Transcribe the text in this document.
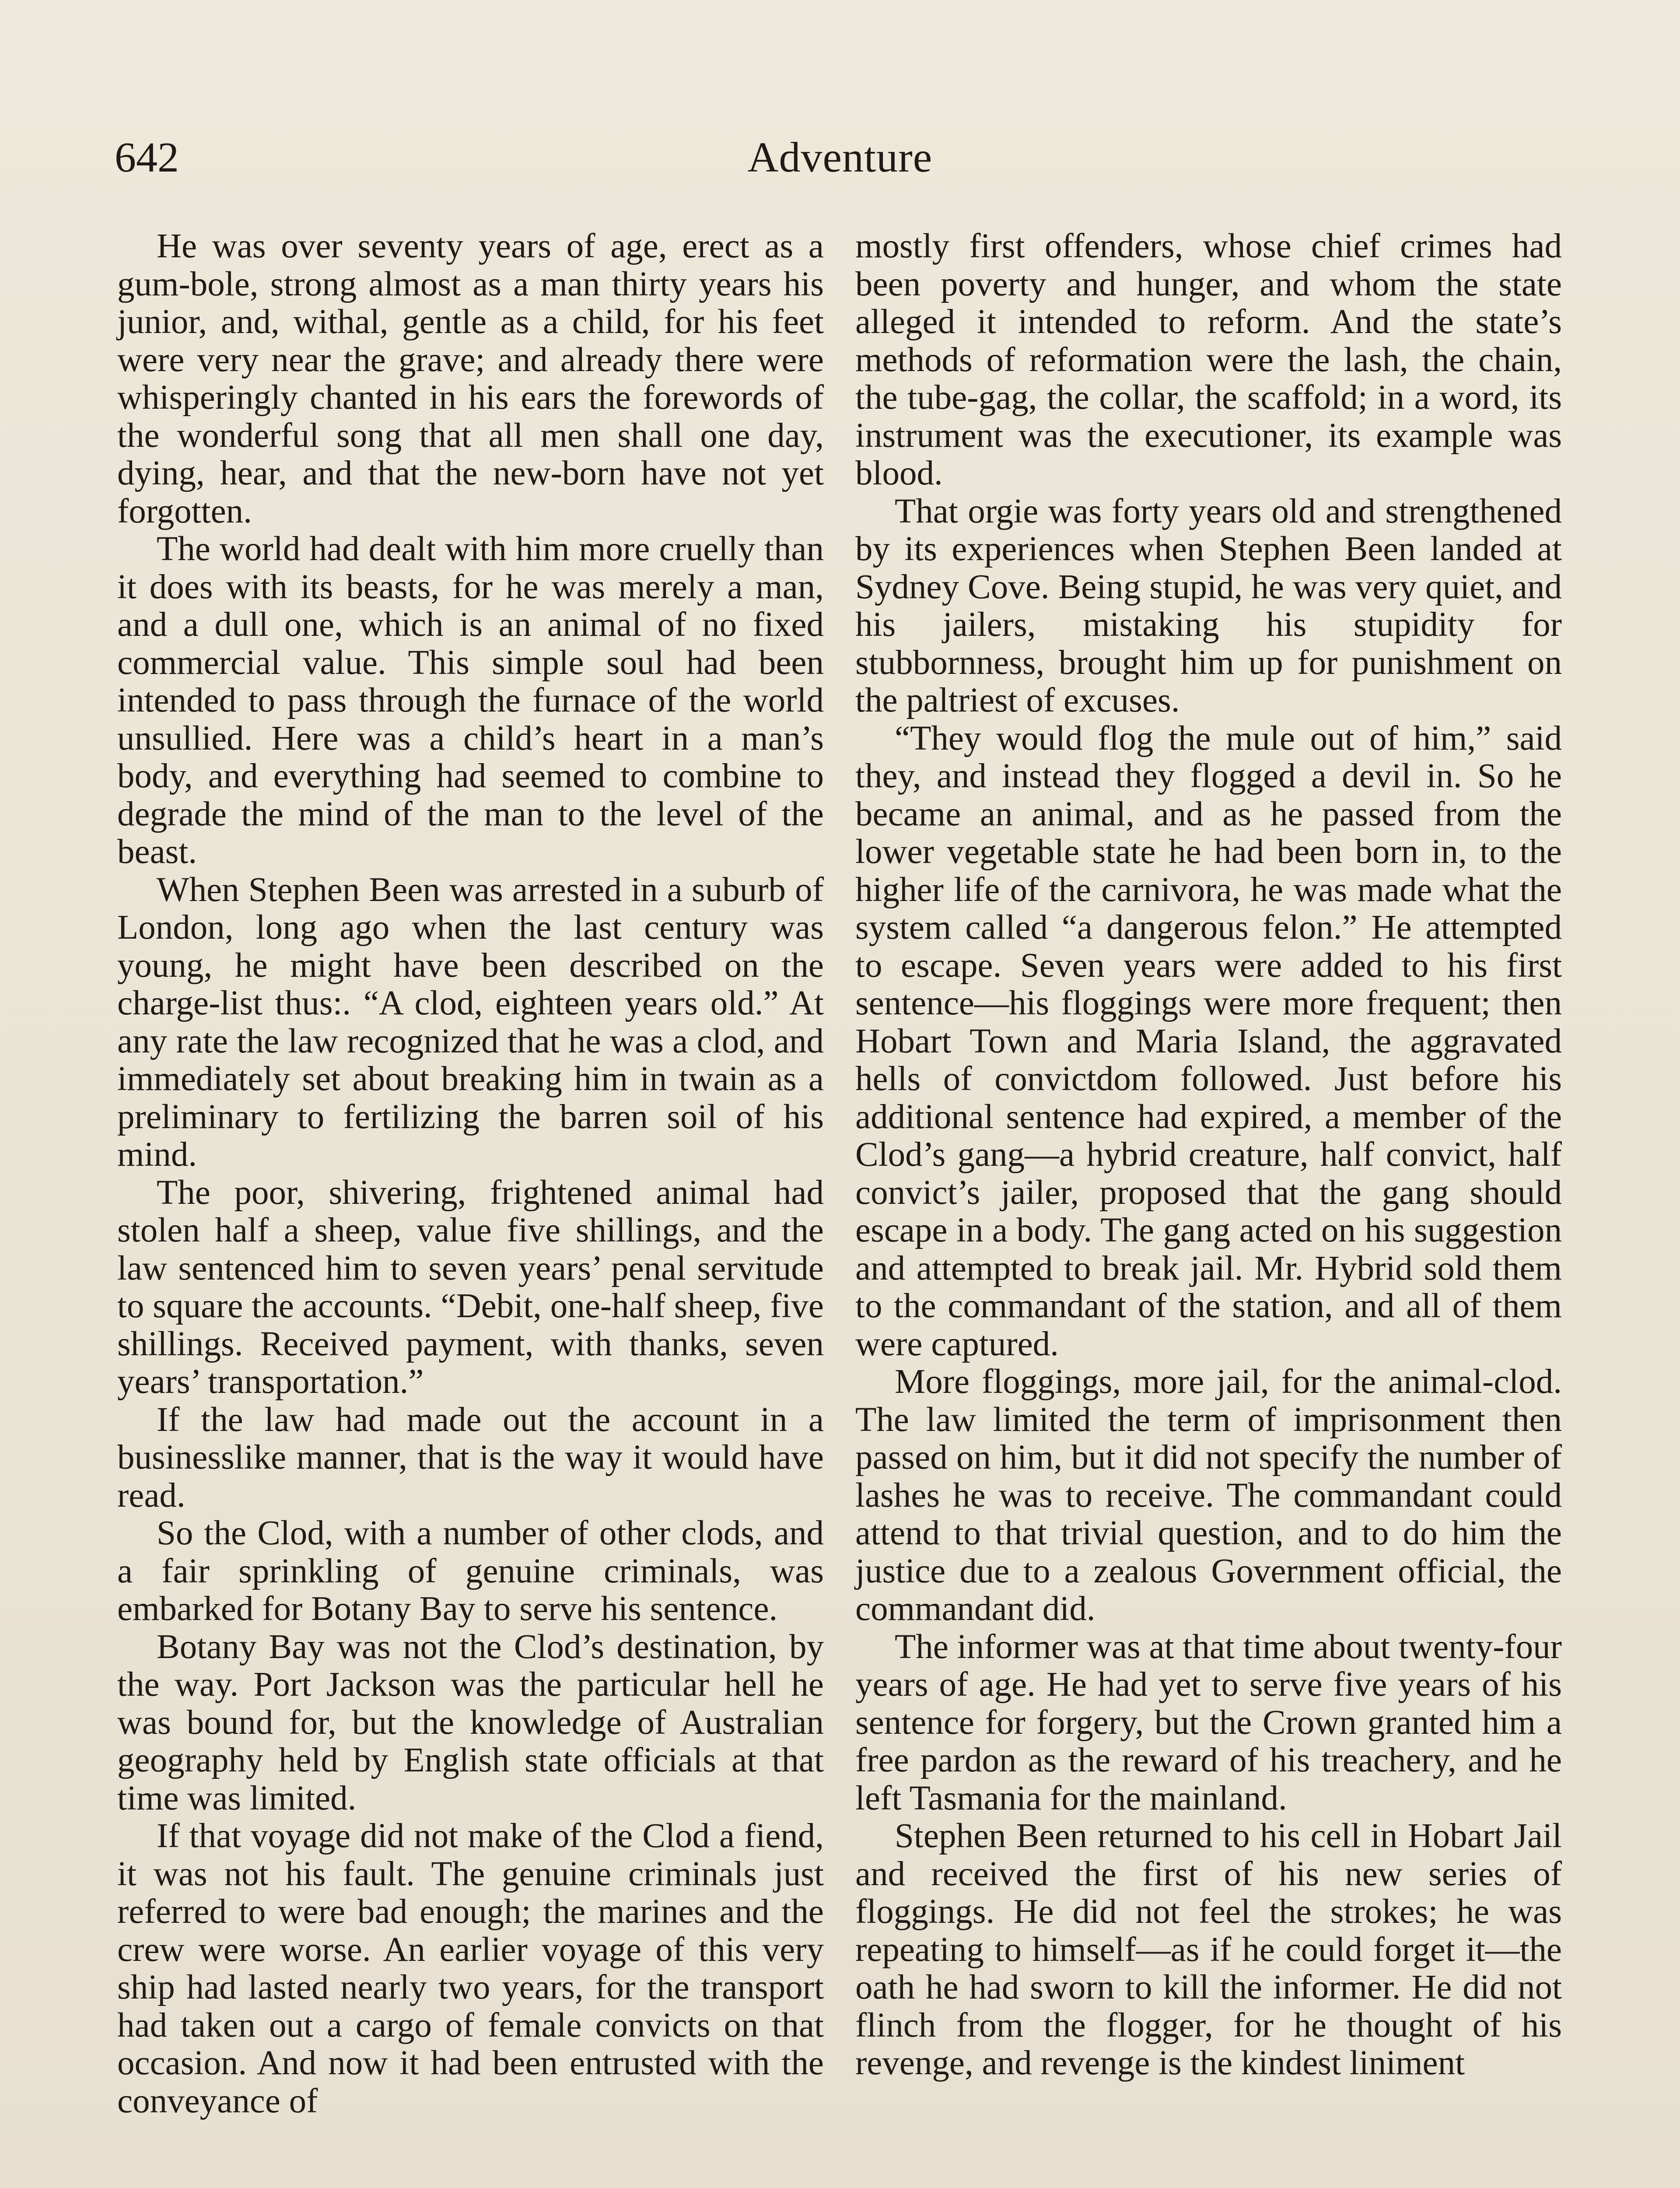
642	Adventure

He was over seventy years of age, erect as a gum-bole, strong almost as a man thirty years his junior, and, withal, gentle as a child, for his feet were very near the grave; and already there were whisperingly chanted in his ears the forewords of the wonderful song that all men shall one day, dying, hear, and that the new-born have not yet forgotten.

The world had dealt with him more cruelly than it does with its beasts, for he was merely a man, and a dull one, which is an animal of no fixed commercial value. This simple soul had been intended to pass through the furnace of the world unsullied. Here was a child’s heart in a man’s body, and everything had seemed to combine to degrade the mind of the man to the level of the beast.

When Stephen Been was arrested in a suburb of London, long ago when the last century was young, he might have been described on the charge-list thus:. “A clod, eighteen years old.” At any rate the law recognized that he was a clod, and immediately set about breaking him in twain as a preliminary to fertilizing the barren soil of his mind.

The poor, shivering, frightened animal had stolen half a sheep, value five shillings, and the law sentenced him to seven years’ penal servitude to square the accounts. “Debit, one-half sheep, five shillings. Received payment, with thanks, seven years’ transportation.”

If the law had made out the account in a businesslike manner, that is the way it would have read.

So the Clod, with a number of other clods, and a fair sprinkling of genuine criminals, was embarked for Botany Bay to serve his sentence.

Botany Bay was not the Clod’s destination, by the way. Port Jackson was the particular hell he was bound for, but the knowledge of Australian geography held by English state officials at that time was limited.

If that voyage did not make of the Clod a fiend, it was not his fault. The genuine criminals just referred to were bad enough; the marines and the crew were worse. An earlier voyage of this very ship had lasted nearly two years, for the transport had taken out a cargo of female convicts on that occasion. And now it had been entrusted with the conveyance of

mostly first offenders, whose chief crimes had been poverty and hunger, and whom the state alleged it intended to reform. And the state’s methods of reformation were the lash, the chain, the tube-gag, the collar, the scaffold; in a word, its instrument was the executioner, its example was blood.

That orgie was forty years old and strengthened by its experiences when Stephen Been landed at Sydney Cove. Being stupid, he was very quiet, and his jailers, mistaking his stupidity for stubbornness, brought him up for punishment on the paltriest of excuses.

“They would flog the mule out of him,” said they, and instead they flogged a devil in. So he became an animal, and as he passed from the lower vegetable state he had been born in, to the higher life of the carnivora, he was made what the system called “a dangerous felon.” He attempted to escape. Seven years were added to his first sentence—his floggings were more frequent; then Hobart Town and Maria Island, the aggravated hells of convictdom followed. Just before his additional sentence had expired, a member of the Clod’s gang—a hybrid creature, half convict, half convict’s jailer, proposed that the gang should escape in a body. The gang acted on his suggestion and attempted to break jail. Mr. Hybrid sold them to the commandant of the station, and all of them were captured.

More floggings, more jail, for the animal-clod. The law limited the term of imprisonment then passed on him, but it did not specify the number of lashes he was to receive. The commandant could attend to that trivial question, and to do him the justice due to a zealous Government official, the commandant did.

The informer was at that time about twenty-four years of age. He had yet to serve five years of his sentence for forgery, but the Crown granted him a free pardon as the reward of his treachery, and he left Tasmania for the mainland.

Stephen Been returned to his cell in Hobart Jail and received the first of his new series of floggings. He did not feel the strokes; he was repeating to himself—as if he could forget it—the oath he had sworn to kill the informer. He did not flinch from the flogger, for he thought of his revenge, and revenge is the kindest liniment
